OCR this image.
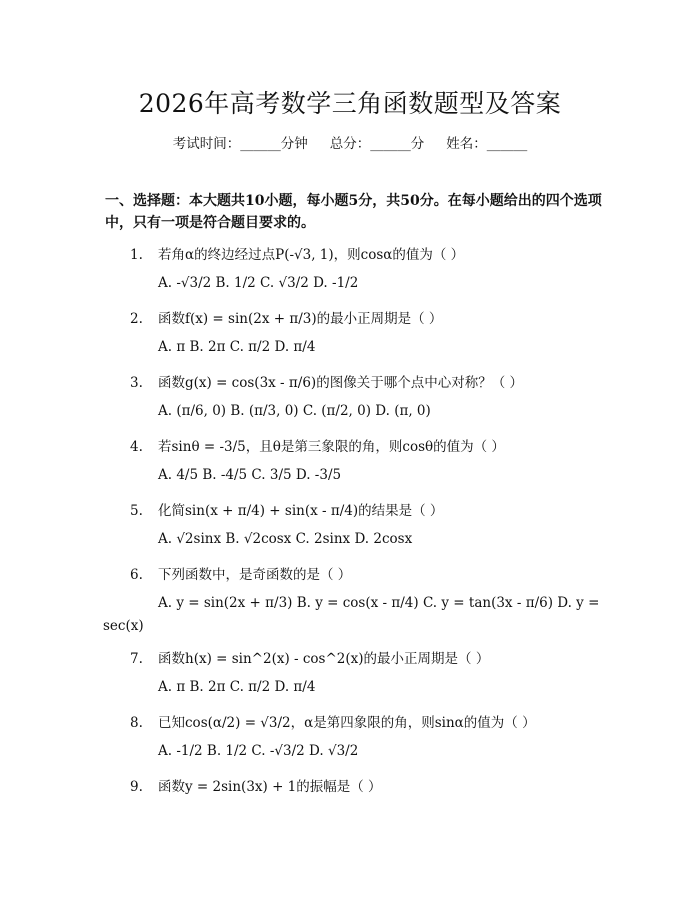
2026年高考数学三角函数题型及答案
考试时间：______分钟 总分：______分 姓名：______
一、选择题：本大题共10小题，每小题5分，共50分。在每小题给出的四个选项中，只有一项是符合题目要求的。
1. 若角α的终边经过点P(-√3, 1)，则cosα的值为（ ）
A. -√3/2 B. 1/2 C. √3/2 D. -1/2
2. 函数f(x) = sin(2x + π/3)的最小正周期是（ ）
A. π B. 2π C. π/2 D. π/4
3. 函数g(x) = cos(3x - π/6)的图像关于哪个点中心对称？（ ）
A. (π/6, 0) B. (π/3, 0) C. (π/2, 0) D. (π, 0)
4. 若sinθ = -3/5，且θ是第三象限的角，则cosθ的值为（ ）
A. 4/5 B. -4/5 C. 3/5 D. -3/5
5. 化简sin(x + π/4) + sin(x - π/4)的结果是（ ）
A. √2sinx B. √2cosx C. 2sinx D. 2cosx
6. 下列函数中，是奇函数的是（ ）
A. y = sin(2x + π/3) B. y = cos(x - π/4) C. y = tan(3x - π/6) D. y = sec(x)
7. 函数h(x) = sin^2(x) - cos^2(x)的最小正周期是（ ）
A. π B. 2π C. π/2 D. π/4
8. 已知cos(α/2) = √3/2，α是第四象限的角，则sinα的值为（ ）
A. -1/2 B. 1/2 C. -√3/2 D. √3/2
9. 函数y = 2sin(3x) + 1的振幅是（ ）
